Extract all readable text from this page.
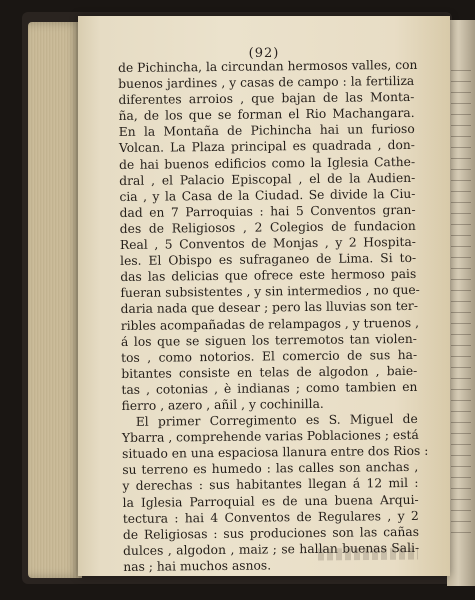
(92)
de Pichincha, la circundan hermosos valles, con
buenos jardines , y casas de campo : la fertiliza
diferentes arroios , que bajan de las Monta-
ña, de los que se forman el Rio Machangara.
En la Montaña de Pichincha hai un furioso
Volcan. La Plaza principal es quadrada , don-
de hai buenos edificios como la Iglesia Cathe-
dral , el Palacio Episcopal , el de la Audien-
cia , y la Casa de la Ciudad. Se divide la Ciu-
dad en 7 Parroquias : hai 5 Conventos gran-
des de Religiosos , 2 Colegios de fundacion
Real , 5 Conventos de Monjas , y 2 Hospita-
les. El Obispo es sufraganeo de Lima. Si to-
das las delicias que ofrece este hermoso pais
fueran subsistentes , y sin intermedios , no que-
daria nada que desear ; pero las lluvias son ter-
ribles acompañadas de relampagos , y truenos ,
á los que se siguen los terremotos tan violen-
tos , como notorios. El comercio de sus ha-
bitantes consiste en telas de algodon , baie-
tas , cotonias , è indianas ; como tambien en
fierro , azero , añil , y cochinilla.
El primer Corregimento es S. Miguel de
Ybarra , comprehende varias Poblaciones ; está
situado en una espaciosa llanura entre dos Rios :
su terreno es humedo : las calles son anchas ,
y derechas : sus habitantes llegan á 12 mil :
la Iglesia Parroquial es de una buena Arqui-
tectura : hai 4 Conventos de Regulares , y 2
de Religiosas : sus produciones son las cañas
dulces , algodon , maiz ; se hallan buenas Sali-
nas ; hai muchos asnos.
